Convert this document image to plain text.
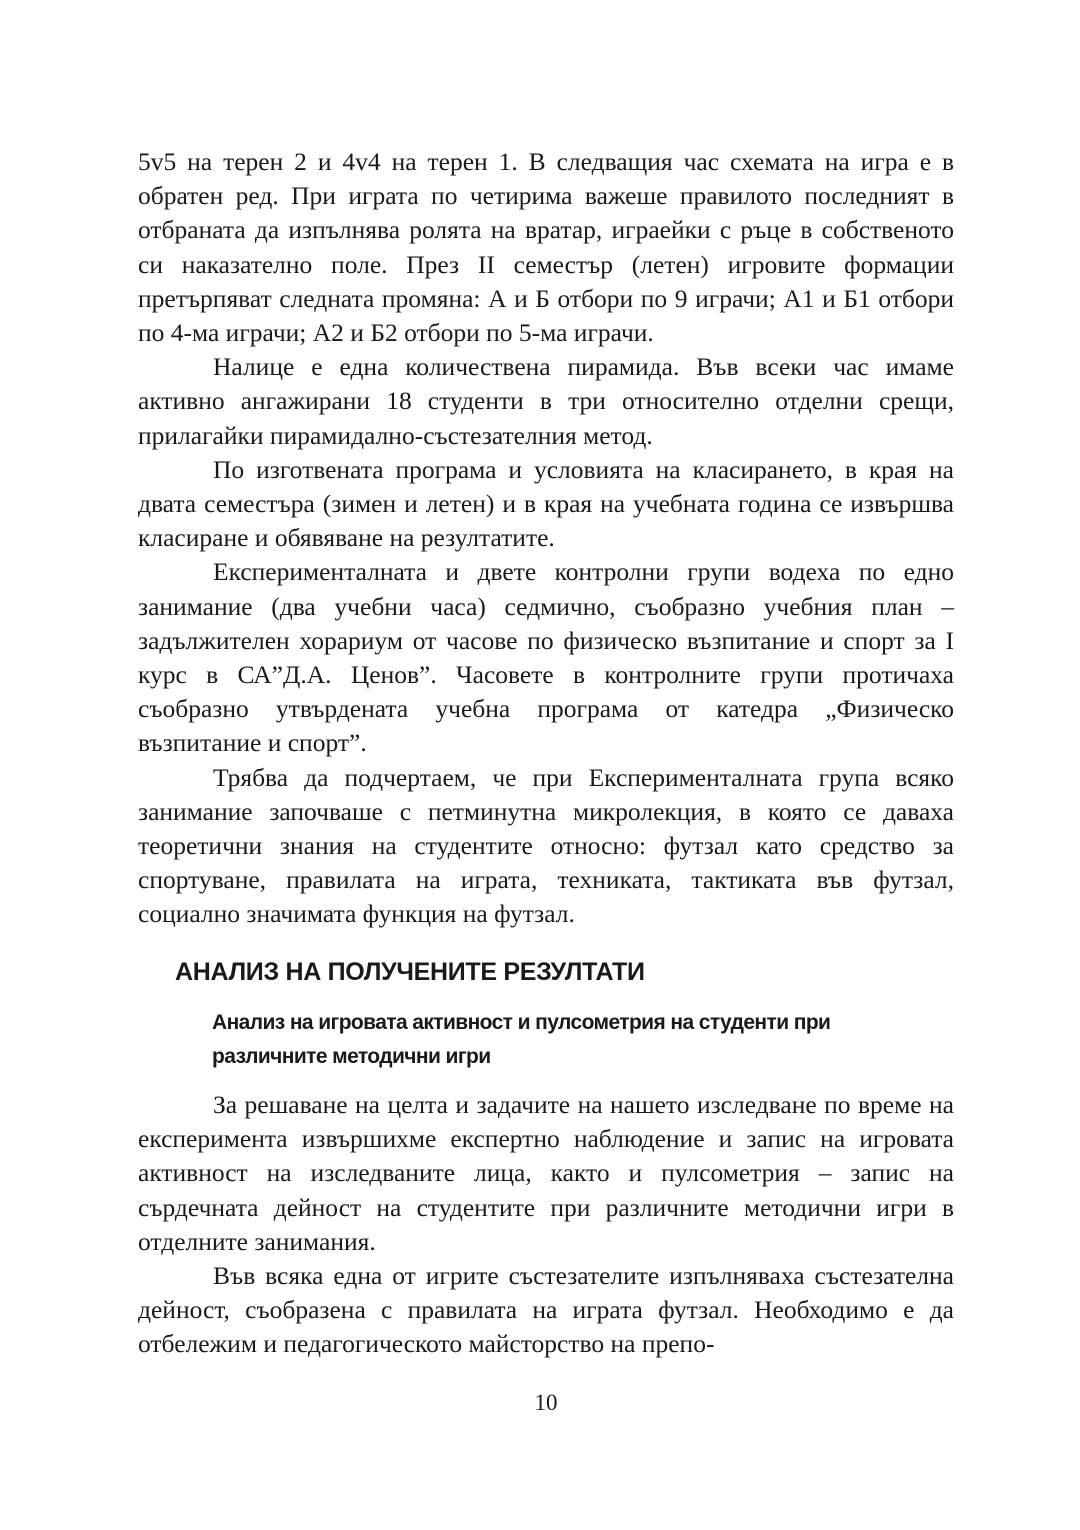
5v5 на терен 2 и 4v4 на терен 1. В следващия час схемата на игра е в обратен ред. При играта по четирима важеше правилото последният в отбраната да изпълнява ролята на вратар, играейки с ръце в собственото си наказателно поле. През II семестър (летен) игровите формации претърпяват следната промяна: А и Б отбори по 9 играчи; А1 и Б1 отбори по 4-ма играчи; А2 и Б2 отбори по 5-ма играчи.

Налице е една количествена пирамида. Във всеки час имаме активно ангажирани 18 студенти в три относително отделни срещи, прилагайки пирамидално-състезателния метод.

По изготвената програма и условията на класирането, в края на двата семестъра (зимен и летен) и в края на учебната година се извършва класиране и обявяване на резултатите.

Експерименталната и двете контролни групи водеха по едно занимание (два учебни часа) седмично, съобразно учебния план – задължителен хорариум от часове по физическо възпитание и спорт за I курс в СА”Д.А. Ценов”. Часовете в контролните групи протичаха съобразно утвърдената учебна програма от катедра „Физическо възпитание и спорт”.

Трябва да подчертаем, че при Експерименталната група всяко занимание започваше с петминутна микролекция, в която се даваха теоретични знания на студентите относно: футзал като средство за спортуване, правилата на играта, техниката, тактиката във футзал, социално значимата функция на футзал.

АНАЛИЗ НА ПОЛУЧЕНИТЕ РЕЗУЛТАТИ
Анализ на игровата активност и пулсометрия на студенти при
различните методични игри

За решаване на целта и задачите на нашето изследване по време на експеримента извършихме експертно наблюдение и запис на игровата активност на изследваните лица, както и пулсометрия – запис на сърдечната дейност на студентите при различните методични игри в отделните занимания.

Във всяка една от игрите състезателите изпълняваха състезателна дейност, съобразена с правилата на играта футзал. Необходимо е да отбележим и педагогическото майсторство на препо-

10
